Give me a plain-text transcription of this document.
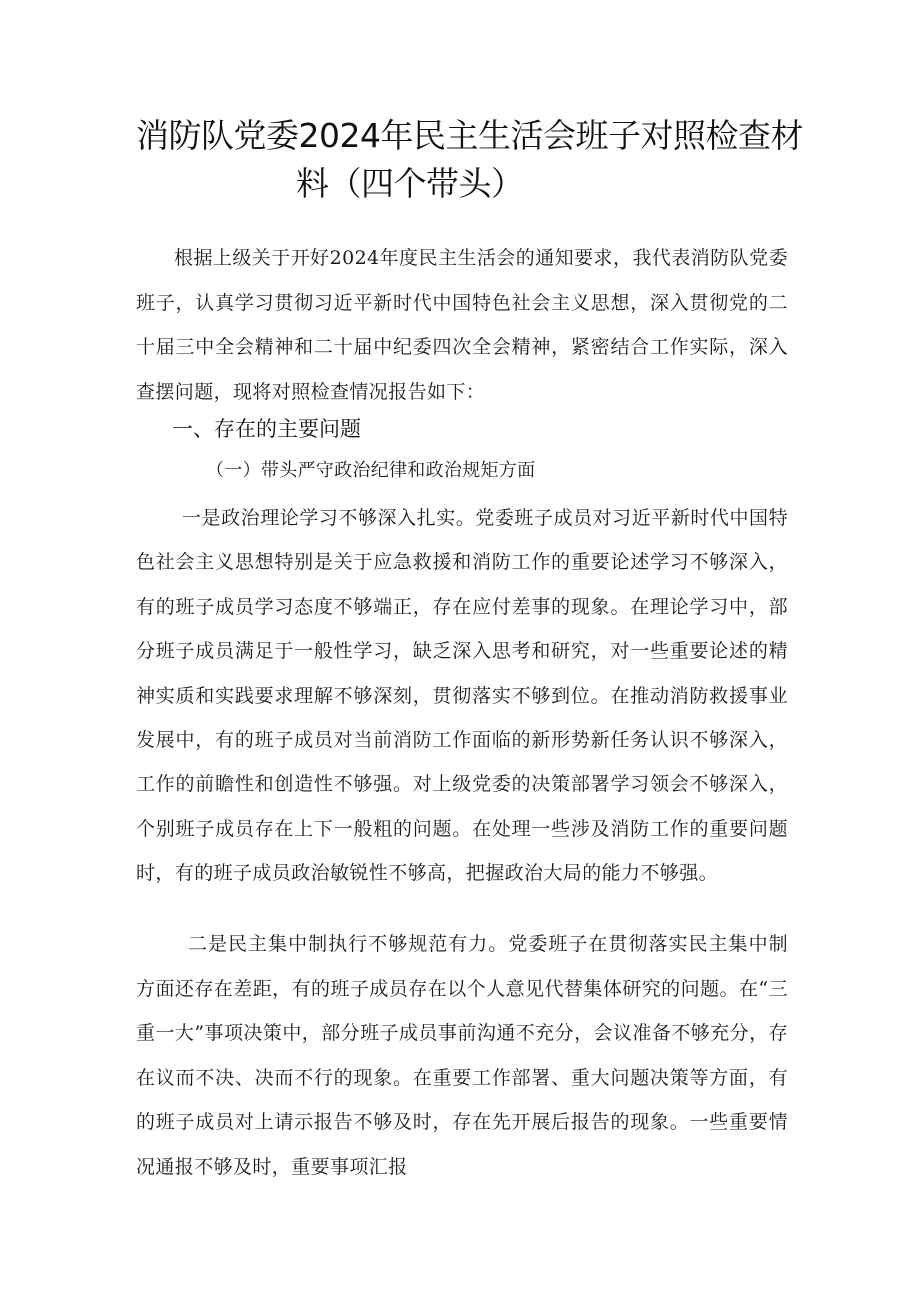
消防队党委2024年民主生活会班子对照检查材
料（四个带头）
根据上级关于开好2024年度民主生活会的通知要求，我代表消防队党委班子，认真学习贯彻习近平新时代中国特色社会主义思想，深入贯彻党的二十届三中全会精神和二十届中纪委四次全会精神，紧密结合工作实际，深入查摆问题，现将对照检查情况报告如下：
一、存在的主要问题
（一）带头严守政治纪律和政治规矩方面
一是政治理论学习不够深入扎实。党委班子成员对习近平新时代中国特色社会主义思想特别是关于应急救援和消防工作的重要论述学习不够深入，有的班子成员学习态度不够端正，存在应付差事的现象。在理论学习中，部分班子成员满足于一般性学习，缺乏深入思考和研究，对一些重要论述的精神实质和实践要求理解不够深刻，贯彻落实不够到位。在推动消防救援事业发展中，有的班子成员对当前消防工作面临的新形势新任务认识不够深入，工作的前瞻性和创造性不够强。对上级党委的决策部署学习领会不够深入，个别班子成员存在上下一般粗的问题。在处理一些涉及消防工作的重要问题时，有的班子成员政治敏锐性不够高，把握政治大局的能力不够强。
二是民主集中制执行不够规范有力。党委班子在贯彻落实民主集中制方面还存在差距，有的班子成员存在以个人意见代替集体研究的问题。在“三重一大”事项决策中，部分班子成员事前沟通不充分，会议准备不够充分，存在议而不决、决而不行的现象。在重要工作部署、重大问题决策等方面，有的班子成员对上请示报告不够及时，存在先开展后报告的现象。一些重要情况通报不够及时，重要事项汇报
